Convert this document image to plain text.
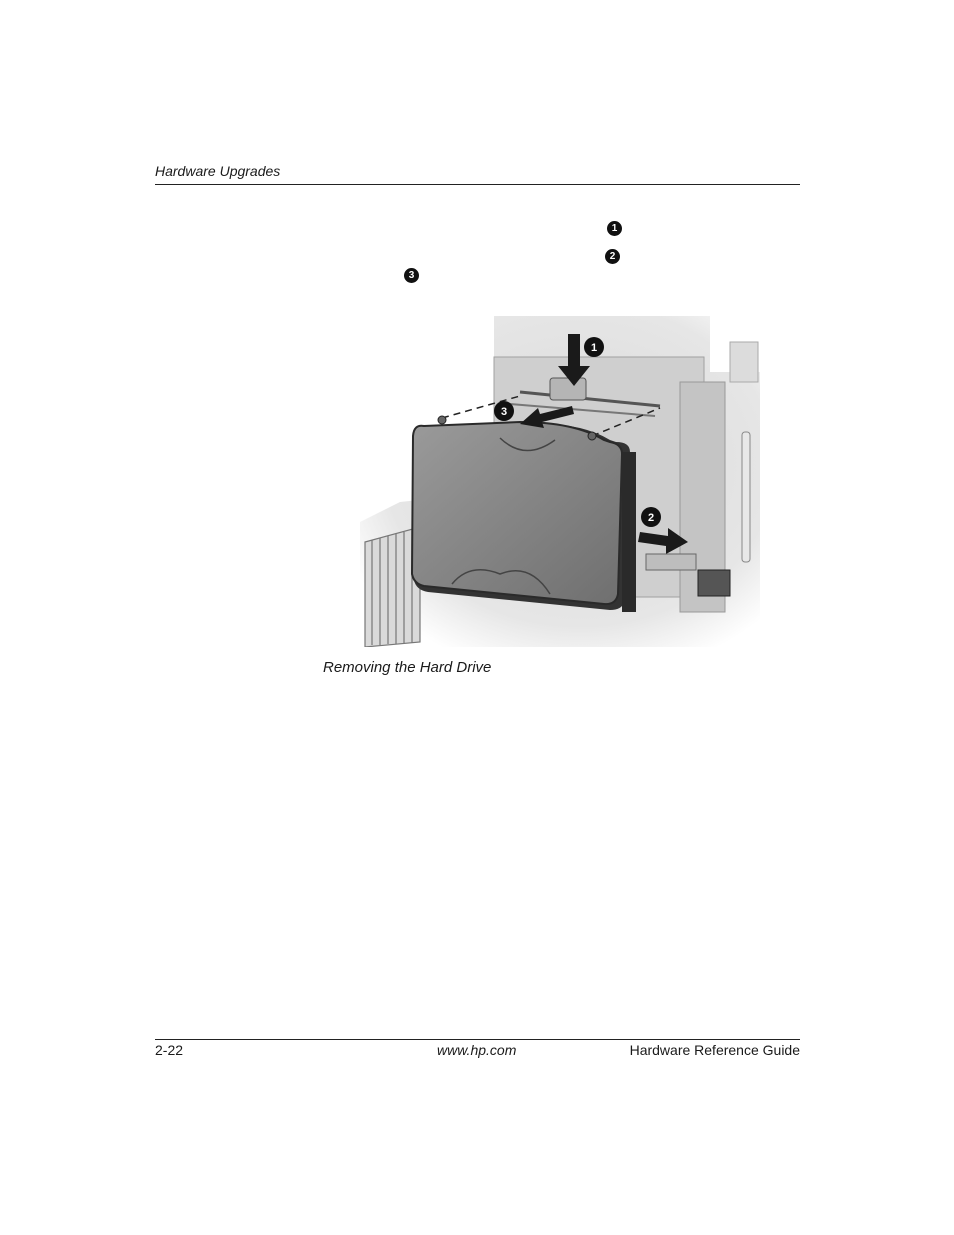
Hardware Upgrades
1
2
3
1
3
2
Removing the Hard Drive
2-22	www.hp.com	Hardware Reference Guide
